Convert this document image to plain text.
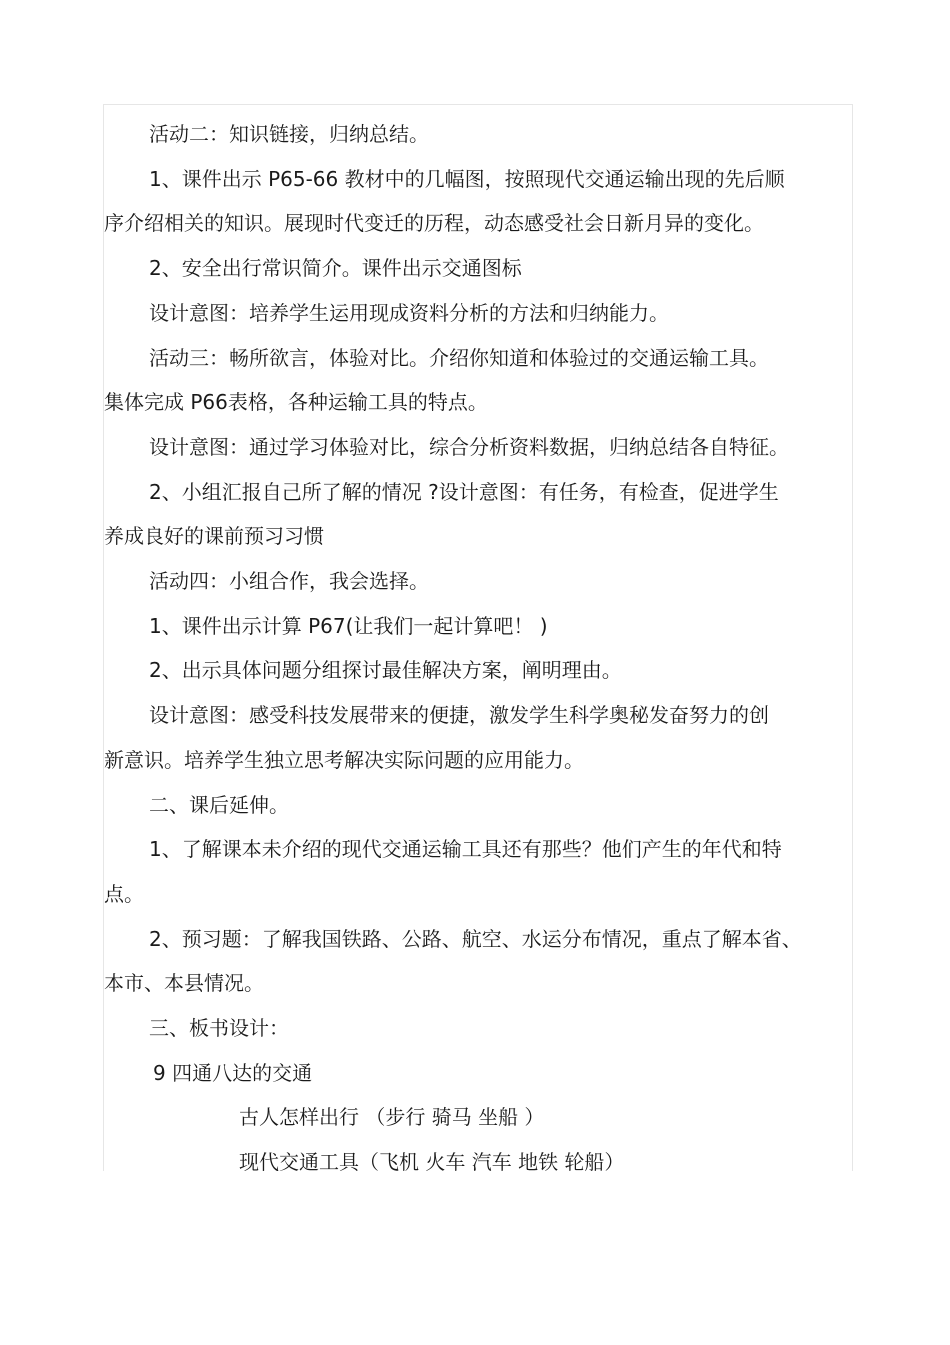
活动二：知识链接，归纳总结。

1、课件出示 P65-66 教材中的几幅图，按照现代交通运输出现的先后顺

序介绍相关的知识。展现时代变迁的历程，动态感受社会日新月异的变化。

2、安全出行常识简介。课件出示交通图标

设计意图：培养学生运用现成资料分析的方法和归纳能力。

活动三：畅所欲言，体验对比。介绍你知道和体验过的交通运输工具。

集体完成 P66表格，各种运输工具的特点。

设计意图：通过学习体验对比，综合分析资料数据，归纳总结各自特征。

2、小组汇报自己所了解的情况 ?设计意图：有任务，有检查，促进学生

养成良好的课前预习习惯

活动四：小组合作，我会选择。

1、课件出示计算 P67(让我们一起计算吧！ )

2、出示具体问题分组探讨最佳解决方案，阐明理由。

设计意图：感受科技发展带来的便捷，激发学生科学奥秘发奋努力的创

新意识。培养学生独立思考解决实际问题的应用能力。

二、课后延伸。

1、了解课本未介绍的现代交通运输工具还有那些？他们产生的年代和特

点。

2、预习题：了解我国铁路、公路、航空、水运分布情况，重点了解本省、

本市、本县情况。

三、板书设计：

9 四通八达的交通

古人怎样出行 （步行 骑马 坐船 ）

现代交通工具（飞机 火车 汽车 地铁 轮船）
